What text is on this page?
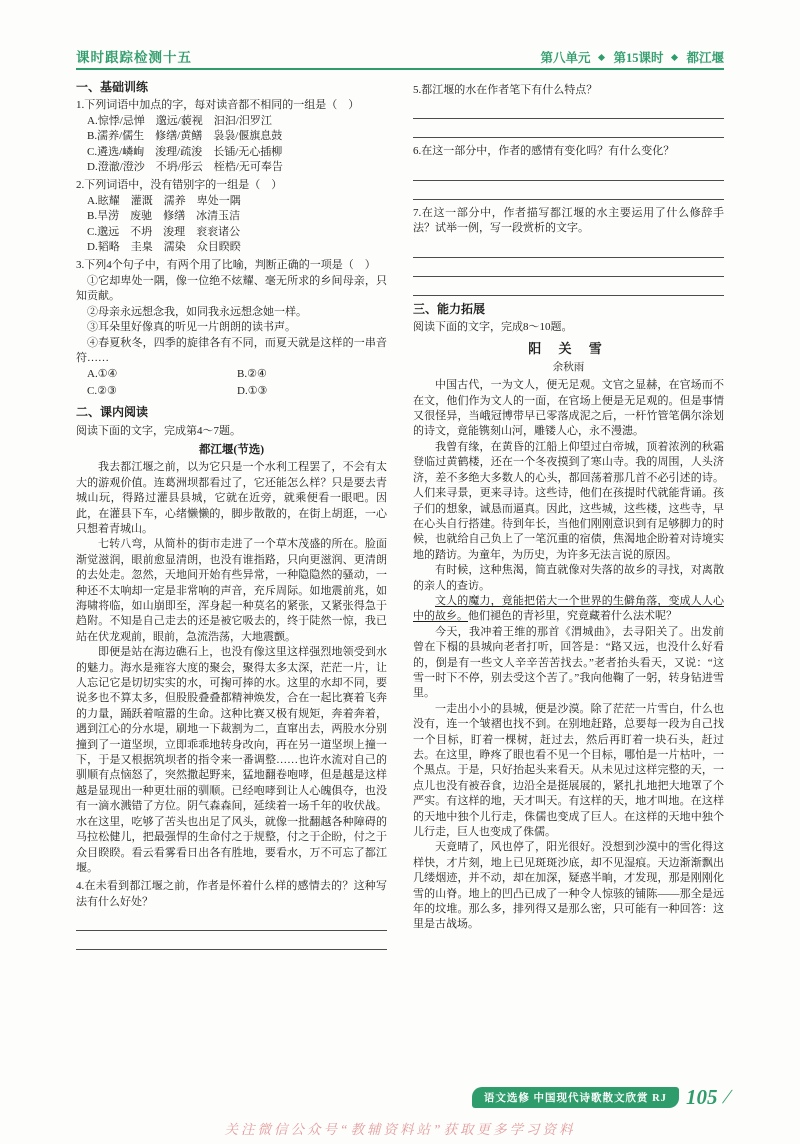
课时跟踪检测十五	第八单元 第15课时 都江堰
一、基础训练

1.下列词语中加点的字，每对读音都不相同的一组是（　）

A.惊悸/忌惮　邈远/藐视　汩汩/汨罗江

B.濡养/儒生　修缮/黄鳝　袅袅/偃旗息鼓

C.遴选/嶙峋　浚理/疏浚　长锸/无心插柳

D.澄澈/澄沙　不坍/彤云　桎梏/无可奉告

2.下列词语中，没有错别字的一组是（　）

A.眩耀　灌溉　濡养　卑处一隅

B.旱涝　废驰　修缮　冰清玉洁

C.邈远　不坍　浚理　衮衮诸公

D.韬略　圭臬　濡染　众目睽睽

3.下列4个句子中，有两个用了比喻，判断正确的一项是（　）

①它却卑处一隅，像一位绝不炫耀、毫无所求的乡间母亲，只知贡献。

②母亲永远想念我，如同我永远想念她一样。

③耳朵里好像真的听见一片朗朗的读书声。

④春夏秋冬，四季的旋律各有不同，而夏天就是这样的一串音符……

A.①④	B.②④
C.②③	D.①③
二、课内阅读

阅读下面的文字，完成第4～7题。

都江堰(节选)

我去都江堰之前，以为它只是一个水利工程罢了，不会有太大的游观价值。连葛洲坝都看过了，它还能怎么样？只是要去青城山玩，得路过灌县县城，它就在近旁，就乘便看一眼吧。因此，在灌县下车，心绪懒懒的，脚步散散的，在街上胡逛，一心只想着青城山。

七转八弯，从简朴的街市走进了一个草木茂盛的所在。脸面渐觉滋润，眼前愈显清朗，也没有谁指路，只向更滋润、更清朗的去处走。忽然，天地间开始有些异常，一种隐隐然的骚动，一种还不太响却一定是非常响的声音，充斥周际。如地震前兆，如海啸将临，如山崩即至，浑身起一种莫名的紧张，又紧张得急于趋附。不知是自己走去的还是被它吸去的，终于陡然一惊，我已站在伏龙观前，眼前，急流浩荡，大地震颤。

即便是站在海边礁石上，也没有像这里这样强烈地领受到水的魅力。海水是雍容大度的聚会，聚得太多太深，茫茫一片，让人忘记它是切切实实的水，可掬可捧的水。这里的水却不同，要说多也不算太多，但股股叠叠都精神焕发，合在一起比赛着飞奔的力量，踊跃着喧嚣的生命。这种比赛又极有规矩，奔着奔着，遇到江心的分水堤，刷地一下裁割为二，直窜出去，两股水分别撞到了一道坚坝，立即乖乖地转身改向，再在另一道坚坝上撞一下，于是又根据筑坝者的指令来一番调整……也许水流对自己的驯顺有点恼怒了，突然撒起野来，猛地翻卷咆哮，但是越是这样越是显现出一种更壮丽的驯顺。已经咆哮到让人心魄俱夺，也没有一滴水溅错了方位。阴气森森间，延续着一场千年的收伏战。水在这里，吃够了苦头也出足了风头，就像一批翻越各种障碍的马拉松健儿，把最强悍的生命付之于规整，付之于企盼，付之于众目睽睽。看云看雾看日出各有胜地，要看水，万不可忘了都江堰。

4.在未看到都江堰之前，作者是怀着什么样的感情去的？这种写法有什么好处？

5.都江堰的水在作者笔下有什么特点？

6.在这一部分中，作者的感情有变化吗？有什么变化？

7.在这一部分中，作者描写都江堰的水主要运用了什么修辞手法？试举一例，写一段赏析的文字。

三、能力拓展

阅读下面的文字，完成8～10题。

阳 关 雪
余秋雨

中国古代，一为文人，便无足观。文官之显赫，在官场而不在文，他们作为文人的一面，在官场上便是无足观的。但是事情又很怪异，当峨冠博带早已零落成泥之后，一杆竹管笔偶尔涂划的诗文，竟能镌刻山河，雕镂人心，永不漫漶。

我曾有缘，在黄昏的江船上仰望过白帝城，顶着浓洌的秋霜登临过黄鹤楼，还在一个冬夜摸到了寒山寺。我的周围，人头济济，差不多绝大多数人的心头，都回荡着那几首不必引述的诗。人们来寻景，更来寻诗。这些诗，他们在孩提时代就能背诵。孩子们的想象，诚恳而逼真。因此，这些城，这些楼，这些寺，早在心头自行搭建。待到年长，当他们刚刚意识到有足够脚力的时候，也就给自己负上了一笔沉重的宿债，焦渴地企盼着对诗境实地的踏访。为童年，为历史，为许多无法言说的原因。

有时候，这种焦渴，简直就像对失落的故乡的寻找，对离散的亲人的查访。

文人的魔力，竟能把偌大一个世界的生僻角落，变成人人心中的故乡。他们褪色的青衫里，究竟藏着什么法术呢？

今天，我冲着王维的那首《渭城曲》，去寻阳关了。出发前曾在下榻的县城向老者打听，回答是：“路又远，也没什么好看的，倒是有一些文人辛辛苦苦找去。”老者抬头看天，又说：“这雪一时下不停，别去受这个苦了。”我向他鞠了一躬，转身钻进雪里。

一走出小小的县城，便是沙漠。除了茫茫一片雪白，什么也没有，连一个皱褶也找不到。在别地赶路，总要每一段为自己找一个目标，盯着一棵树，赶过去，然后再盯着一块石头，赶过去。在这里，睁疼了眼也看不见一个目标，哪怕是一片枯叶，一个黑点。于是，只好抬起头来看天。从未见过这样完整的天，一点儿也没有被吞食，边沿全是挺展展的，紧扎扎地把大地罩了个严实。有这样的地，天才叫天。有这样的天，地才叫地。在这样的天地中独个儿行走，侏儒也变成了巨人。在这样的天地中独个儿行走，巨人也变成了侏儒。

天竟晴了，风也停了，阳光很好。没想到沙漠中的雪化得这样快，才片刻，地上已见斑斑沙底，却不见湿痕。天边渐渐飘出几缕烟迹，并不动，却在加深，疑惑半晌，才发现，那是刚刚化雪的山脊。地上的凹凸已成了一种令人惊骇的铺陈——那全是远年的坟堆。那么多，排列得又是那么密，只可能有一种回答：这里是古战场。

语文选修 中国现代诗歌散文欣赏 RJ 105 /
关注微信公众号“教辅资料站”获取更多学习资料
